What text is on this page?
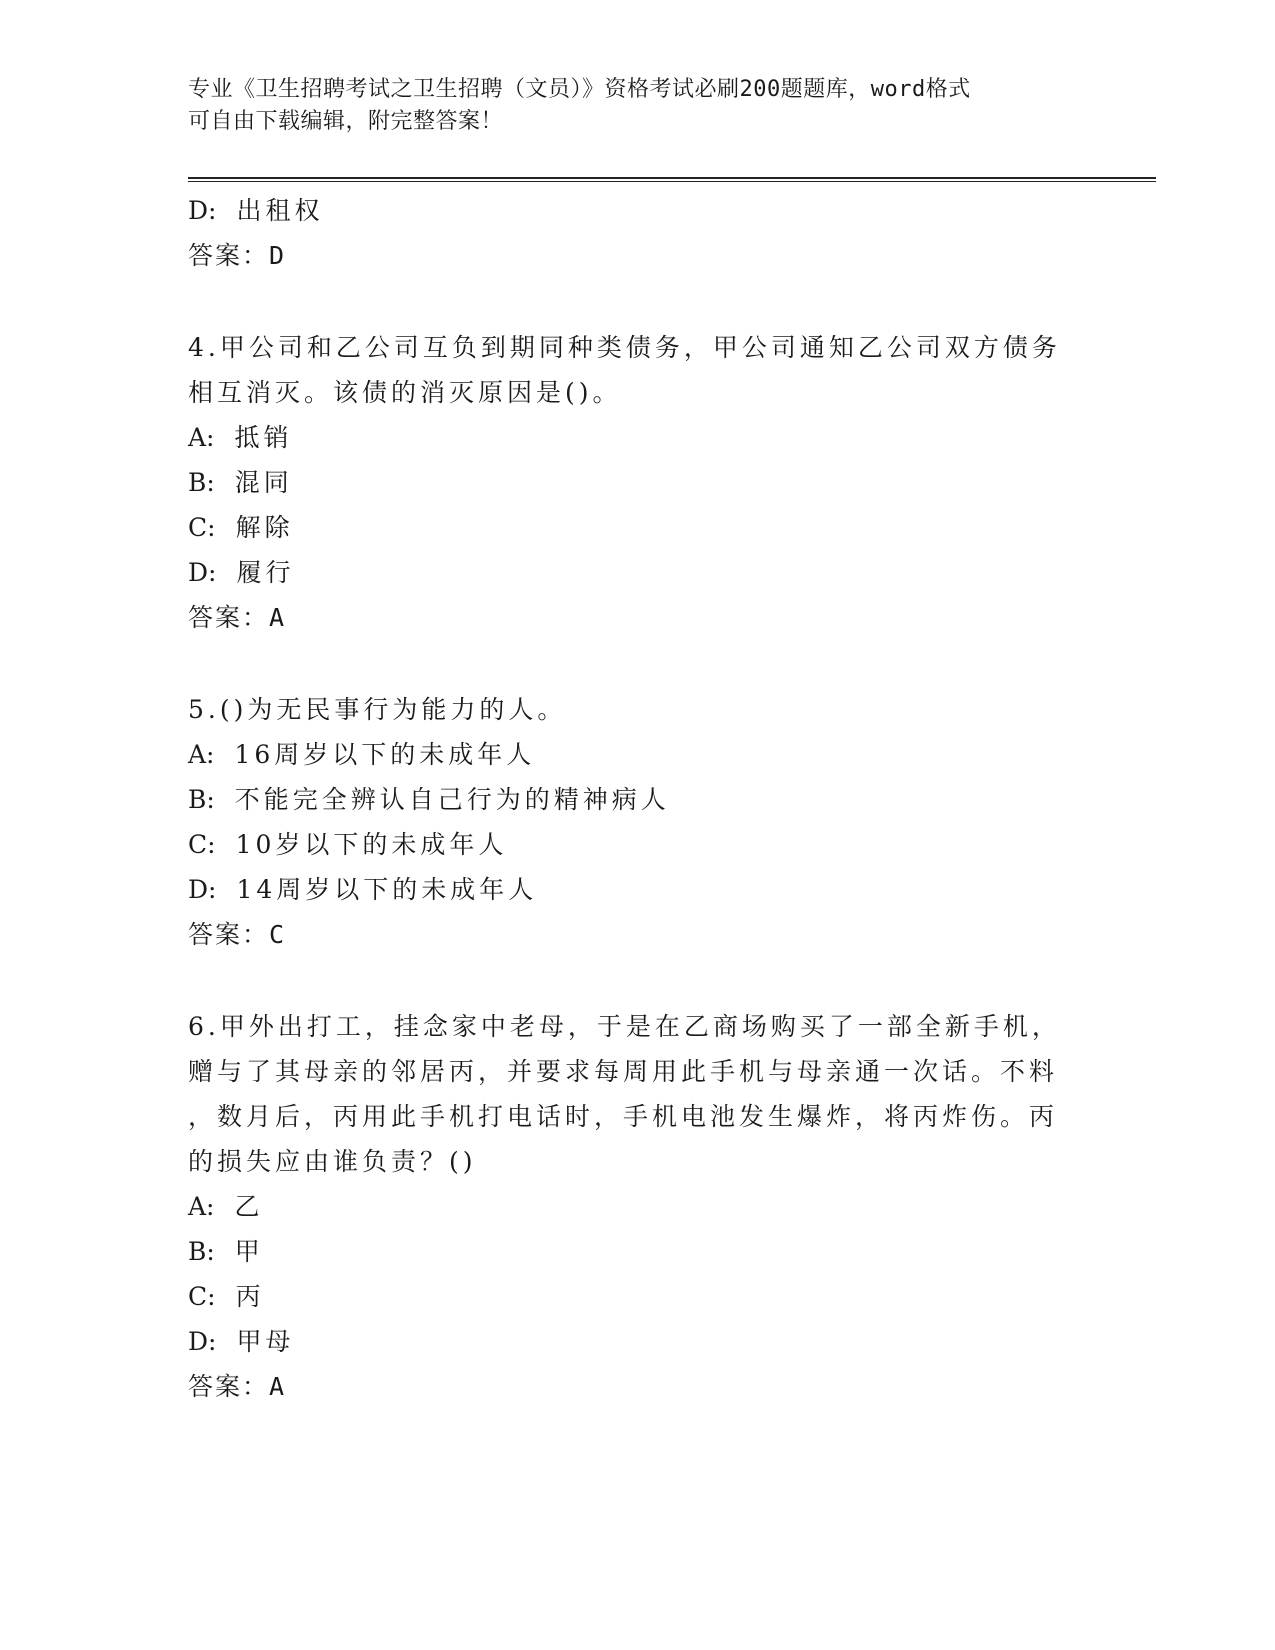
专业《卫生招聘考试之卫生招聘（文员）》资格考试必刷200题题库，word格式
可自由下载编辑，附完整答案！
D: 出租权
答案：D
4.甲公司和乙公司互负到期同种类债务，甲公司通知乙公司双方债务
相互消灭。该债的消灭原因是()。
A: 抵销
B: 混同
C: 解除
D: 履行
答案：A
5.()为无民事行为能力的人。
A: 16周岁以下的未成年人
B: 不能完全辨认自己行为的精神病人
C: 10岁以下的未成年人
D: 14周岁以下的未成年人
答案：C
6.甲外出打工，挂念家中老母，于是在乙商场购买了一部全新手机，
赠与了其母亲的邻居丙，并要求每周用此手机与母亲通一次话。不料
，数月后，丙用此手机打电话时，手机电池发生爆炸，将丙炸伤。丙
的损失应由谁负责？()
A: 乙
B: 甲
C: 丙
D: 甲母
答案：A
